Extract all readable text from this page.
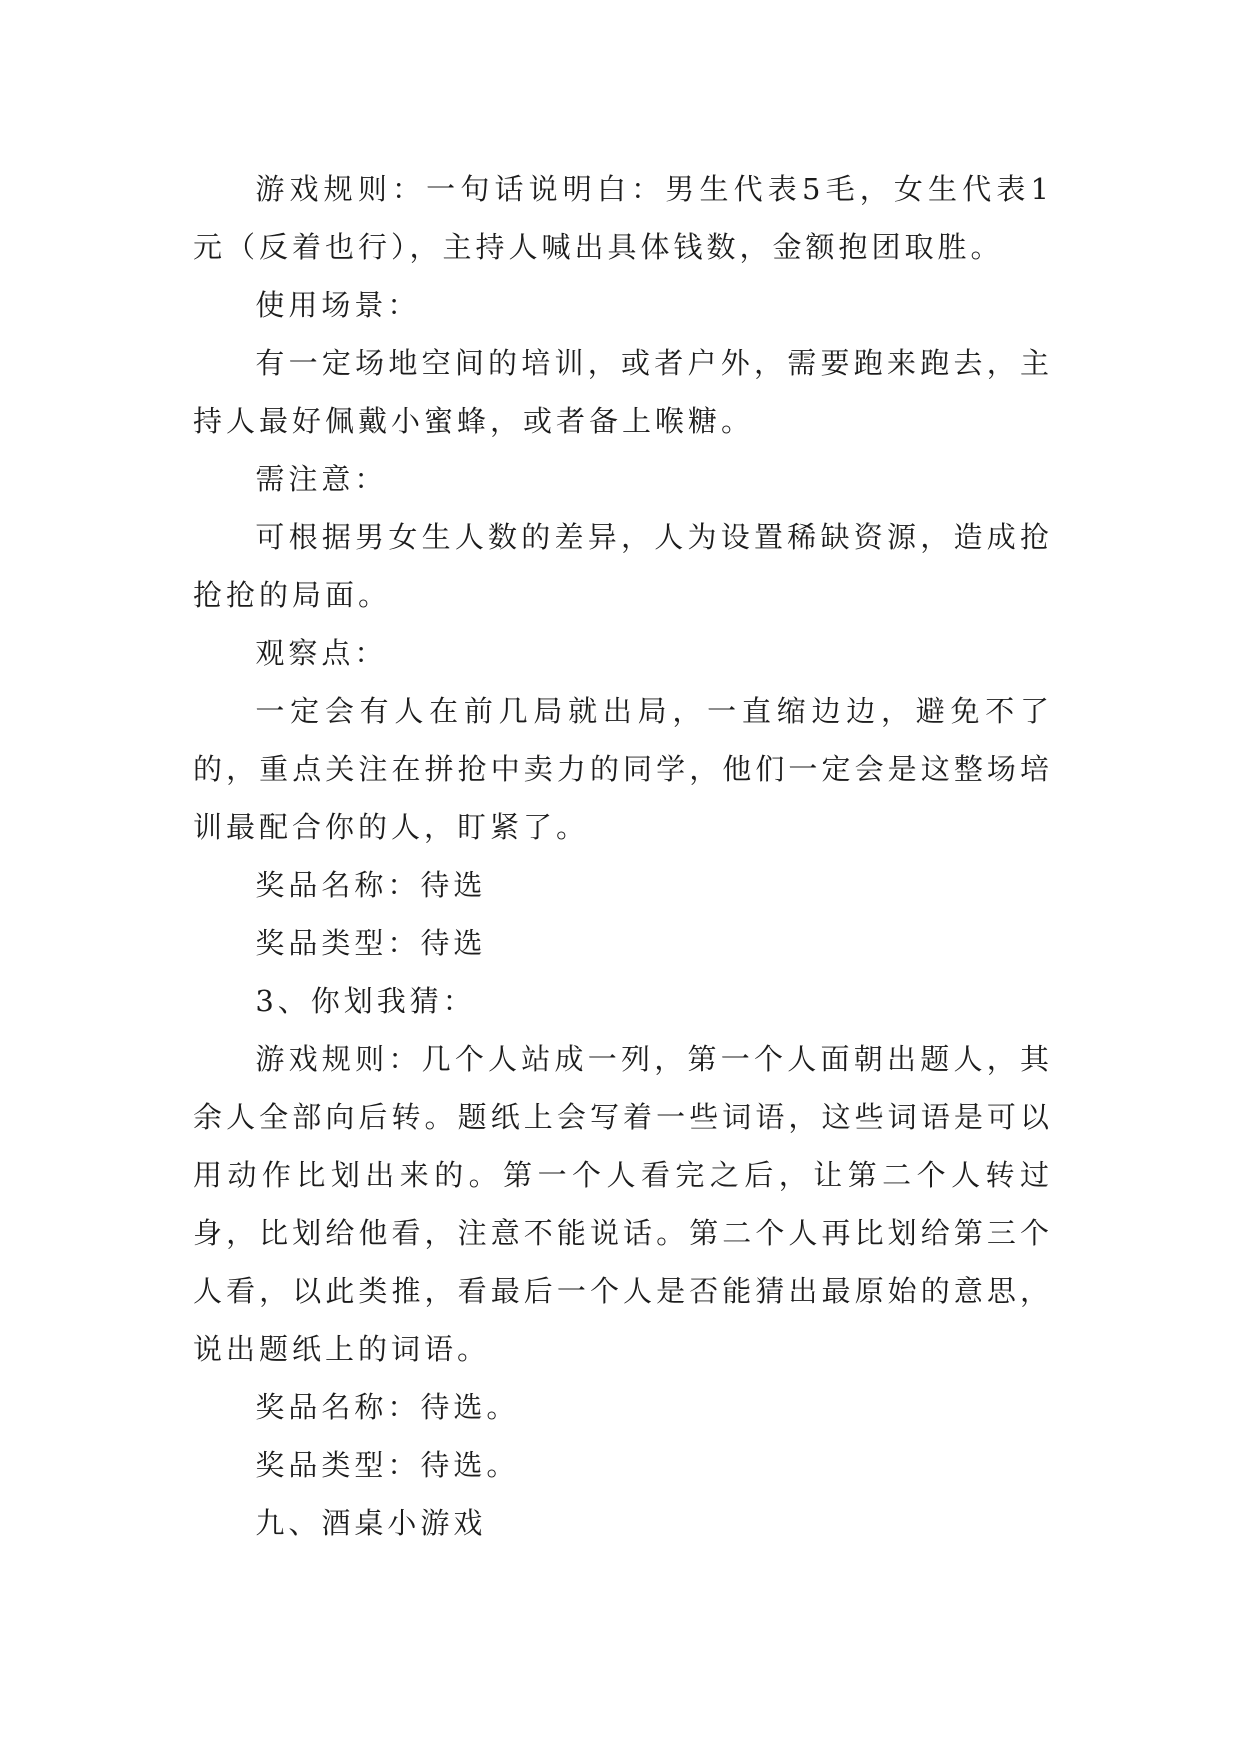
游戏规则：一句话说明白：男生代表5毛，女生代表1元（反着也行），主持人喊出具体钱数，金额抱团取胜。

使用场景：

有一定场地空间的培训，或者户外，需要跑来跑去，主持人最好佩戴小蜜蜂，或者备上喉糖。

需注意：

可根据男女生人数的差异，人为设置稀缺资源，造成抢抢抢的局面。

观察点：

一定会有人在前几局就出局，一直缩边边，避免不了的，重点关注在拼抢中卖力的同学，他们一定会是这整场培训最配合你的人，盯紧了。

奖品名称：待选

奖品类型：待选

3、你划我猜：

游戏规则：几个人站成一列，第一个人面朝出题人，其余人全部向后转。题纸上会写着一些词语，这些词语是可以用动作比划出来的。第一个人看完之后，让第二个人转过身，比划给他看，注意不能说话。第二个人再比划给第三个人看，以此类推，看最后一个人是否能猜出最原始的意思，说出题纸上的词语。

奖品名称：待选。

奖品类型：待选。

九、酒桌小游戏
